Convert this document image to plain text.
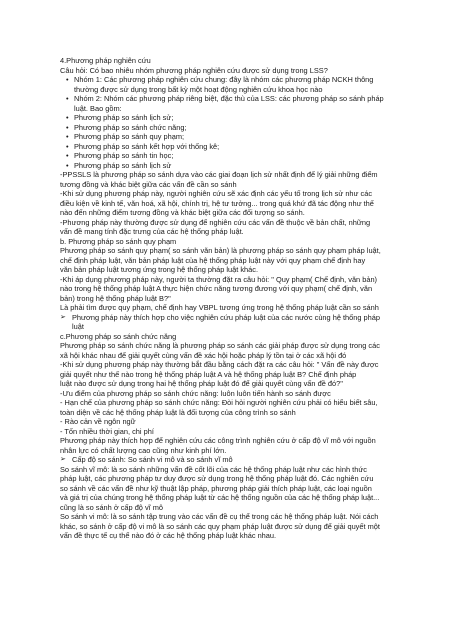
4.Phương pháp nghiên cứu
Câu hỏi: Có bao nhiêu nhóm phương pháp nghiên cứu được sử dụng trong LSS?
• Nhóm 1: Các phương pháp nghiên cứu chung: đây là nhóm các phương pháp NCKH thông
thường được sử dụng trong bất kỳ một hoạt động nghiên cứu khoa học nào
• Nhóm 2: Nhóm các phương pháp riêng biệt, đặc thù của LSS: các phương pháp so sánh pháp
luật. Bao gồm:
• Phương pháp so sánh lịch sử;
• Phương pháp so sánh chức năng;
• Phương pháp so sánh quy phạm;
• Phương pháp so sánh kết hợp với thống kê;
• Phương pháp so sánh tin học;
• Phương pháp so sánh lịch sử
-PPSSLS là phương pháp so sánh dựa vào các giai đoạn lịch sử nhất định để lý giải những điểm
tương đồng và khác biệt giữa các vấn đề cần so sánh
-Khi sử dụng phương pháp này, người nghiên cứu sẽ xác định các yếu tố trong lịch sử như các
điều kiện về kinh tế, văn hoá, xã hội, chính trị, hệ tư tưởng... trong quá khứ đã tác động như thế
nào đến những điểm tương đồng và khác biệt giữa các đối tượng so sánh.
-Phương pháp này thường được sử dụng để nghiên cứu các vấn đề thuộc về bản chất, những
vấn đề mang tính đặc trưng của các hệ thống pháp luật.
b. Phương pháp so sánh quy phạm
Phương pháp so sánh quy phạm( so sánh văn bản) là phương pháp so sánh quy phạm pháp luật,
chế định pháp luật, văn bản pháp luật của hệ thống pháp luật này với quy phạm chế định hay
văn bản pháp luật tương ứng trong hệ thống pháp luật khác.
-Khi áp dụng phương pháp này, người ta thường đặt ra câu hỏi: " Quy phạm( Chế định, văn bản)
nào trong hệ thống pháp luật A thực hiện chức năng tương đương với quy phạm( chế định, văn
bản) trong hệ thống pháp luật B?"
Là phải tìm được quy phạm, chế định hay VBPL tương ứng trong hệ thống pháp luật cần so sánh
➢ Phương pháp này thích hợp cho việc nghiên cứu pháp luật của các nước cùng hệ thống pháp
luật
c.Phương pháp so sánh chức năng
Phương pháp so sánh chức năng là phương pháp so sánh các giải pháp được sử dụng trong các
xã hội khác nhau để giải quyết cùng vấn đề xác hội hoặc pháp lý tồn tại ở các xã hội đó
-Khi sử dụng phương pháp này thường bắt đầu bằng cách đặt ra các câu hỏi: " Vấn đề này được
giải quyết như thế nào trong hệ thống pháp luật A và hệ thống pháp luật B? Chế định pháp
luật nào được sử dụng trong hai hệ thống pháp luật đó để giải quyết cùng vấn đề đó?"
-Ưu điểm của phương pháp so sánh chức năng: luôn luôn tiến hành so sánh được
- Hạn chế của phương pháp so sánh chức năng: Đòi hỏi người nghiên cứu phải có hiểu biết sâu,
toàn diện về các hệ thống pháp luật là đối tượng của công trình so sánh
- Rào cản về ngôn ngữ
- Tốn nhiều thời gian, chi phí
Phương pháp này thích hợp để nghiên cứu các công trình nghiên cứu ở cấp độ vĩ mô với nguồn
nhân lực có chất lượng cao cũng như kinh phí lớn.
➢ Cấp độ so sánh: So sánh vi mô và so sánh vĩ mô
So sánh vĩ mô: là so sánh những vấn đề cốt lõi của các hệ thống pháp luật như các hình thức
pháp luật, các phương pháp tư duy được sử dụng trong hệ thống pháp luật đó. Các nghiên cứu
so sánh về các vấn đề như kỹ thuật lập pháp, phương pháp giải thích pháp luật, các loại nguồn
và giá trị của chúng trong hệ thống pháp luật từ các hệ thống nguồn của các hệ thống pháp luật...
cũng là so sánh ở cấp độ vĩ mô
So sánh vi mô: là so sánh tập trung vào các vấn đề cụ thể trong các hệ thống pháp luật. Nói cách
khác, so sánh ở cấp độ vi mô là so sánh các quy phạm pháp luật được sử dụng để giải quyết một
vấn đề thực tế cụ thể nào đó ở các hệ thống pháp luật khác nhau.
